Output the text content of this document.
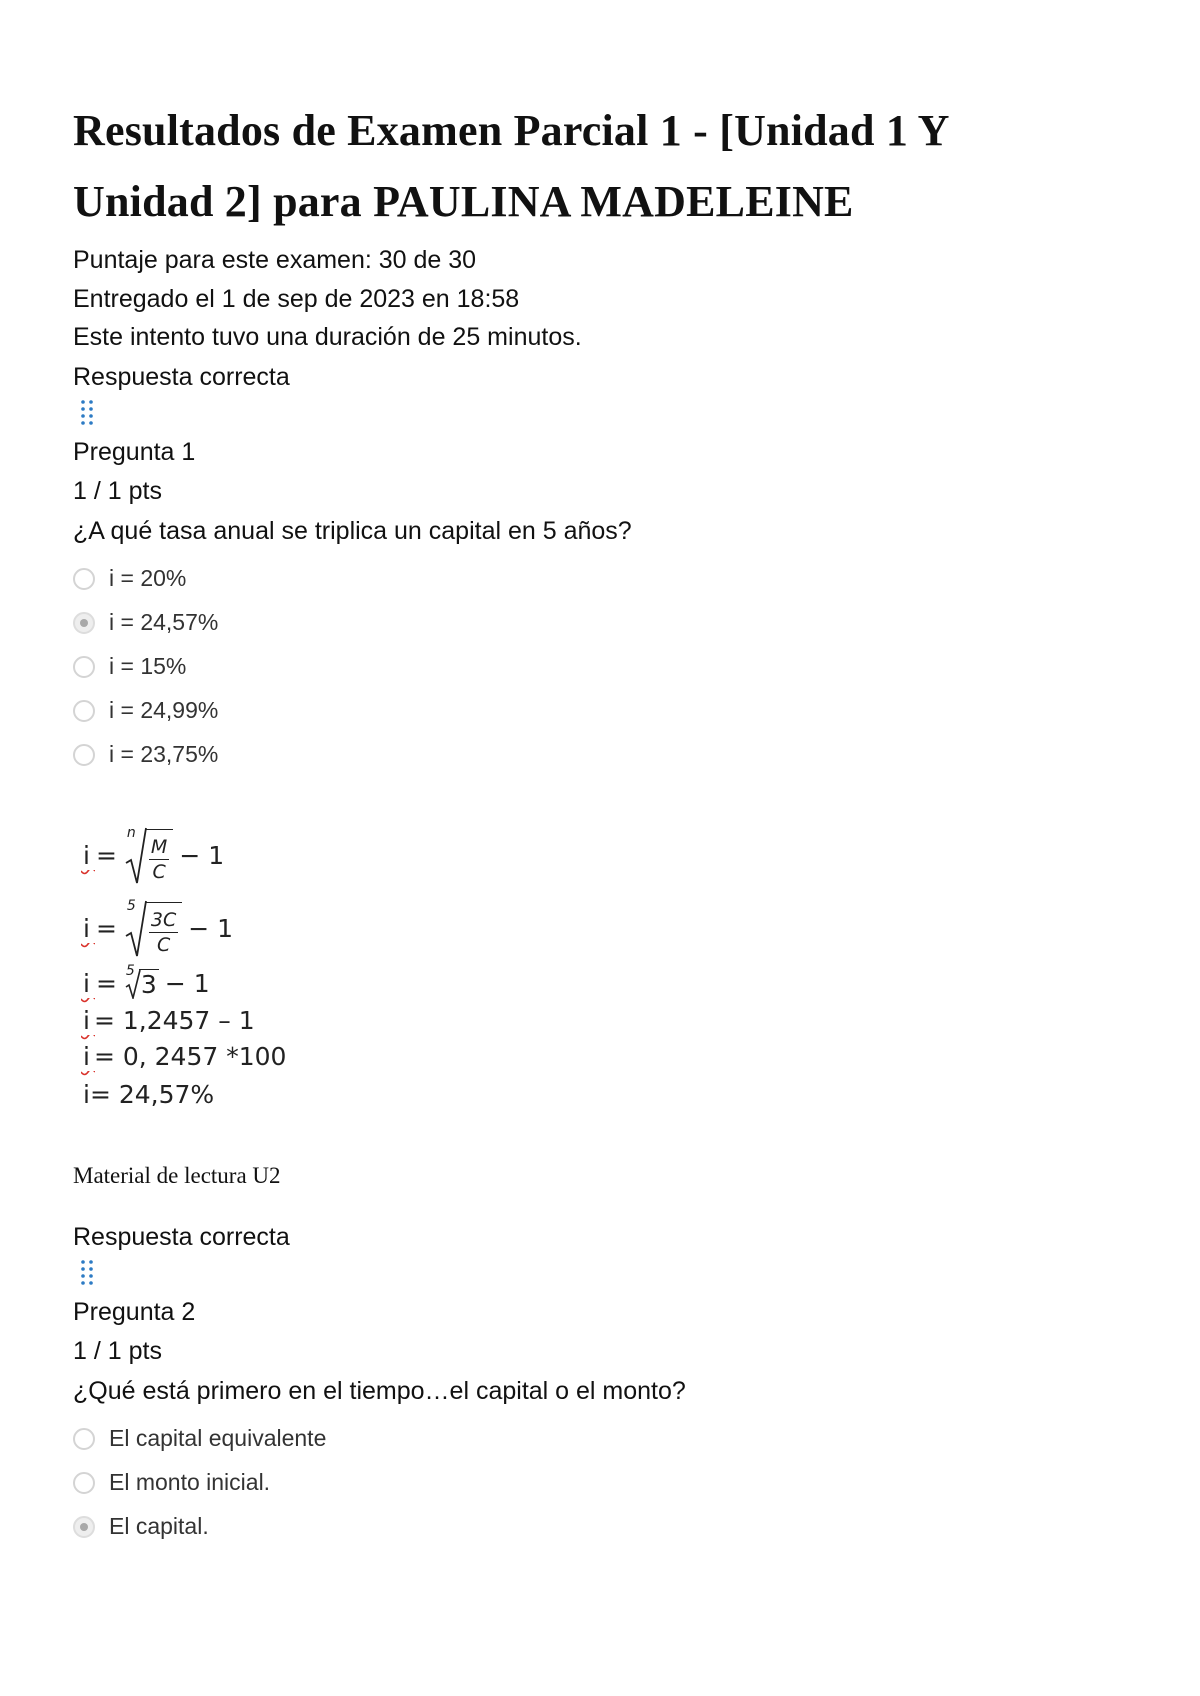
Resultados de Examen Parcial 1 - [Unidad 1 Y
Unidad 2] para PAULINA MADELEINE

Puntaje para este examen: 30 de 30

Entregado el 1 de sep de 2023 en 18:58

Este intento tuvo una duración de 25 minutos.

Respuesta correcta

Pregunta 1

1 / 1 pts

¿A qué tasa anual se triplica un capital en 5 años?

i = 20%
i = 24,57%
i = 15%
i = 24,99%
i = 23,75%
i =
n
$\frac{M}{C} - 1$
i =
5
$\frac{3C}{C} - 1$
i = 5 3 − 1
i = 1,2457 – 1
i = 0, 2457 *100
i= 24,57%

Material de lectura U2

Respuesta correcta

Pregunta 2

1 / 1 pts

¿Qué está primero en el tiempo…el capital o el monto?

El capital equivalente
El monto inicial.
El capital.
